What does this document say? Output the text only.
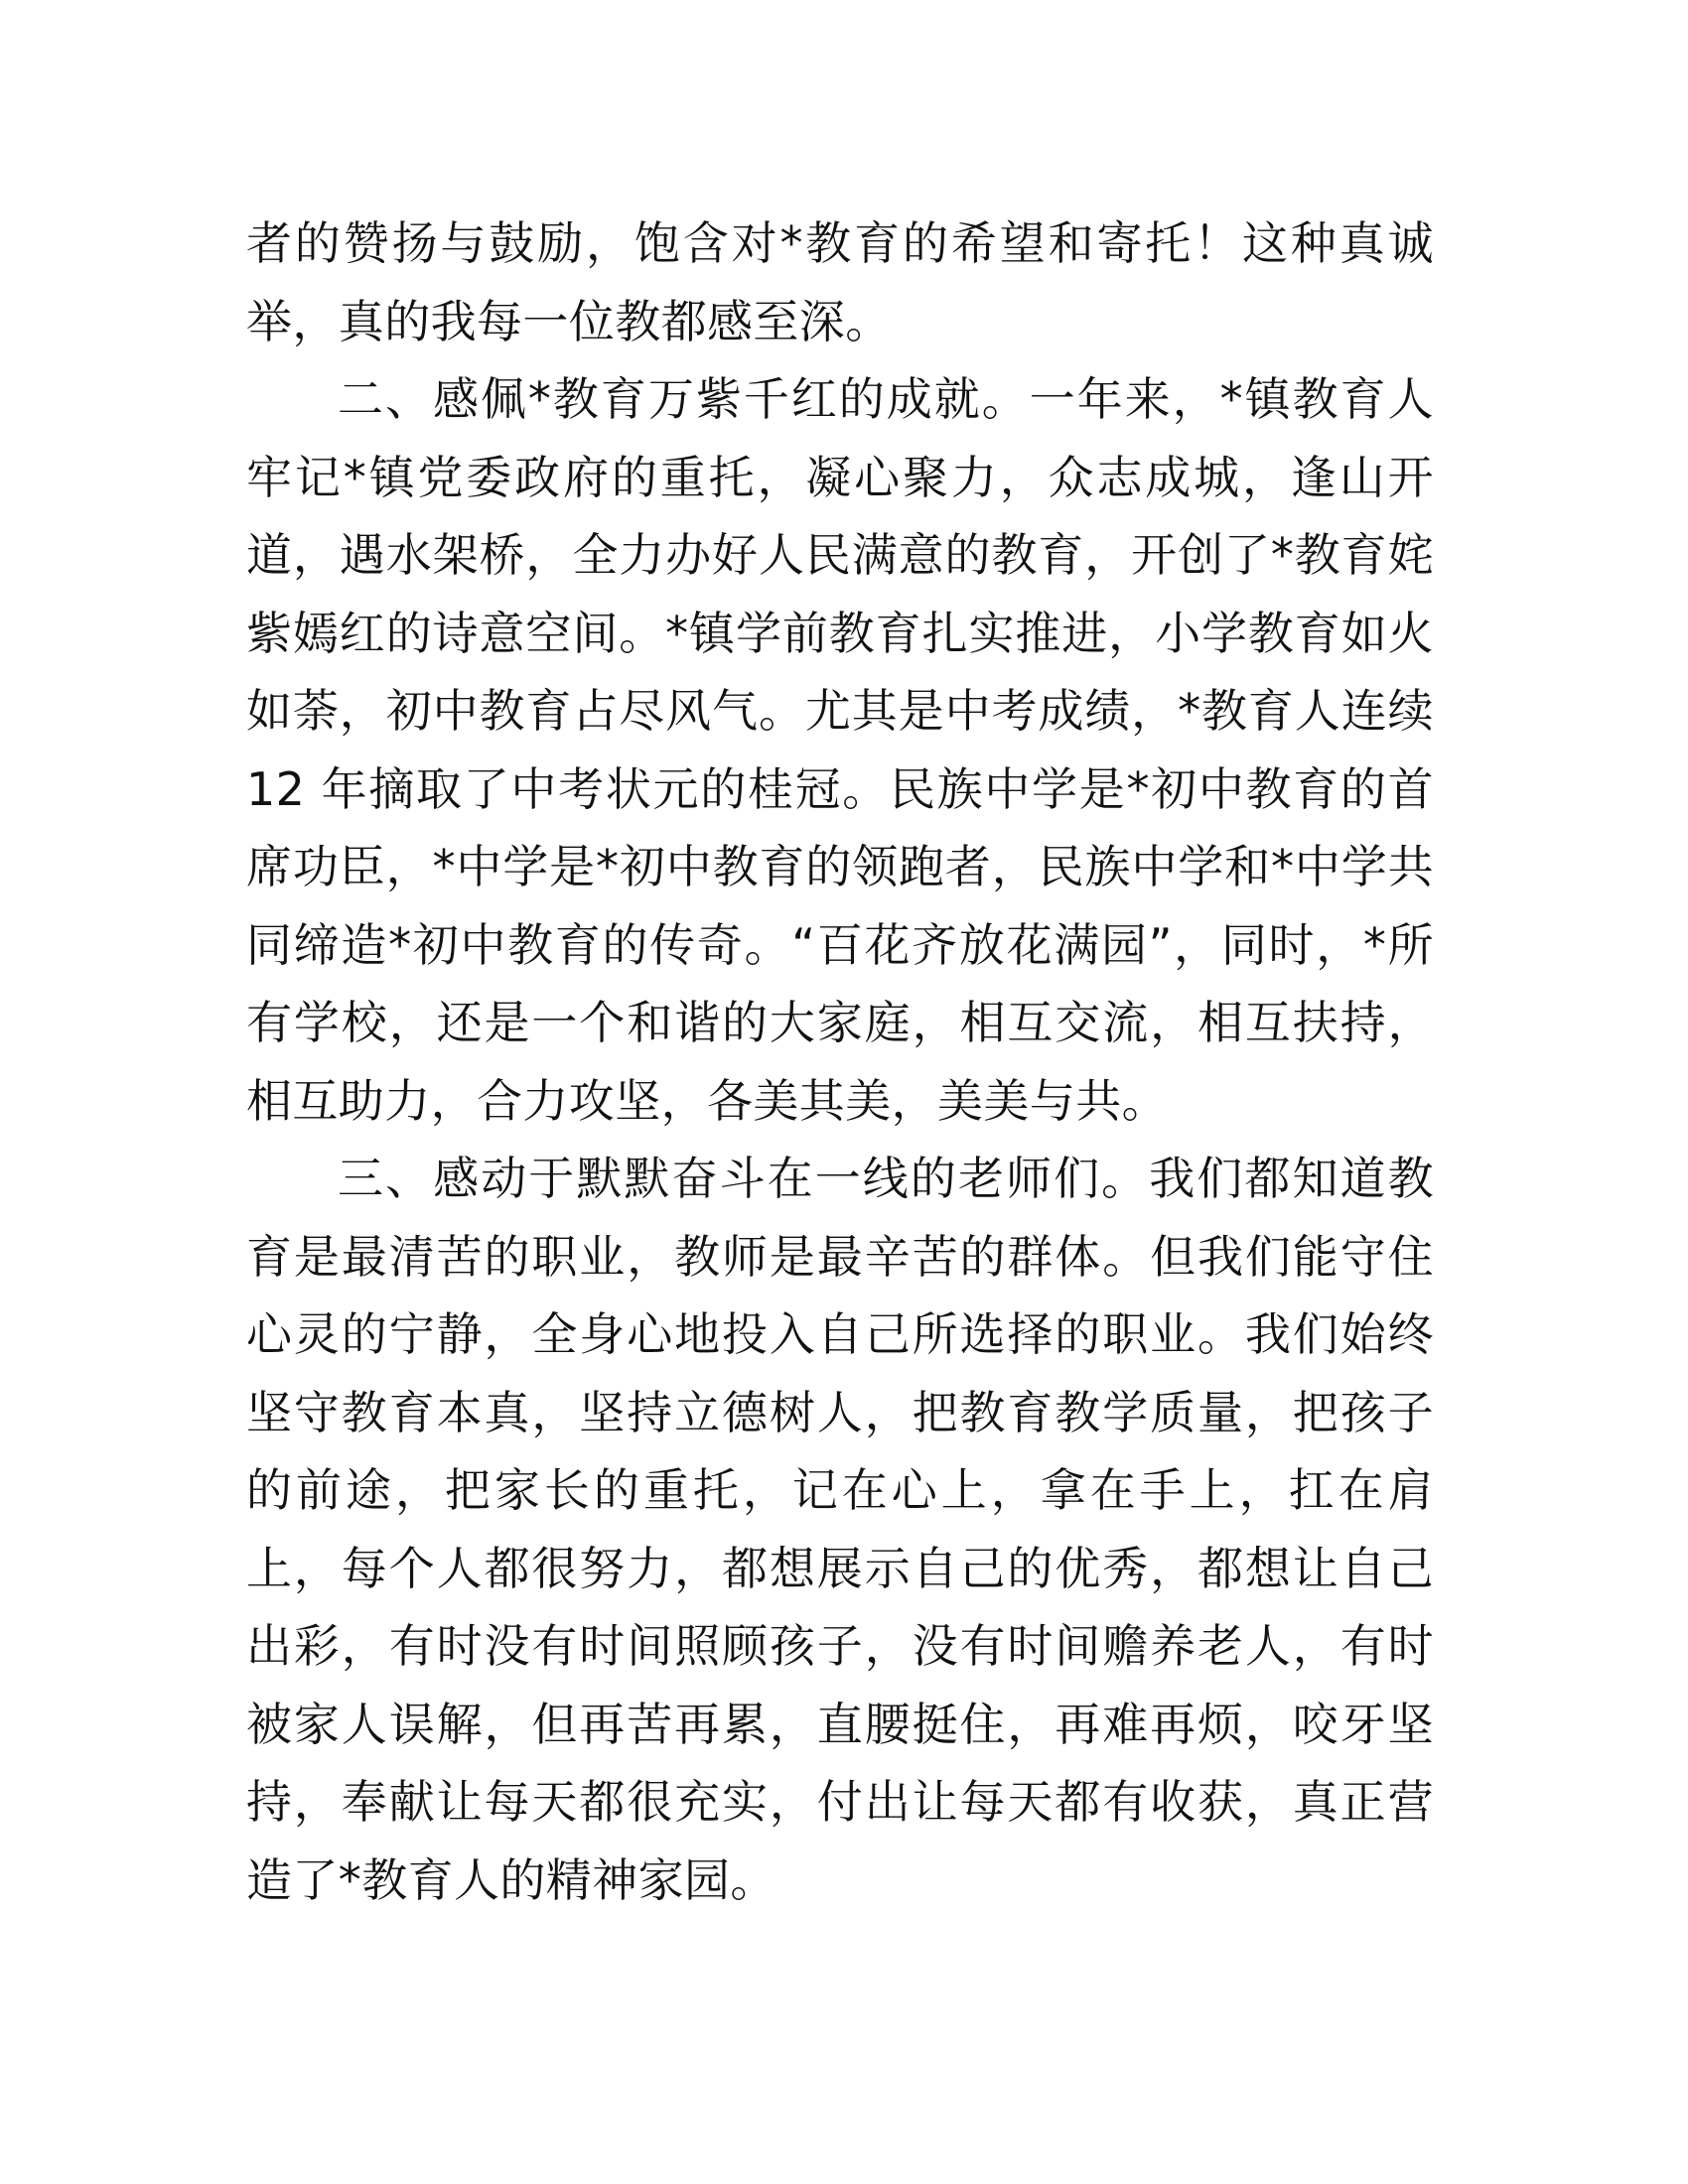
者的赞扬与鼓励，饱含对*教育的希望和寄托！这种真诚举，真的我每一位教都感至深。

二、感佩*教育万紫千红的成就。一年来，*镇教育人牢记*镇党委政府的重托，凝心聚力，众志成城，逢山开道，遇水架桥，全力办好人民满意的教育，开创了*教育姹紫嫣红的诗意空间。*镇学前教育扎实推进，小学教育如火如荼，初中教育占尽风气。尤其是中考成绩，*教育人连续 12 年摘取了中考状元的桂冠。民族中学是*初中教育的首席功臣，*中学是*初中教育的领跑者，民族中学和*中学共同缔造*初中教育的传奇。“百花齐放花满园”，同时，*所有学校，还是一个和谐的大家庭，相互交流，相互扶持，相互助力，合力攻坚，各美其美，美美与共。

三、感动于默默奋斗在一线的老师们。我们都知道教育是最清苦的职业，教师是最辛苦的群体。但我们能守住心灵的宁静，全身心地投入自己所选择的职业。我们始终坚守教育本真，坚持立德树人，把教育教学质量，把孩子的前途，把家长的重托，记在心上，拿在手上，扛在肩上，每个人都很努力，都想展示自己的优秀，都想让自己出彩，有时没有时间照顾孩子，没有时间赡养老人，有时被家人误解，但再苦再累，直腰挺住，再难再烦，咬牙坚持，奉献让每天都很充实，付出让每天都有收获，真正营造了*教育人的精神家园。
